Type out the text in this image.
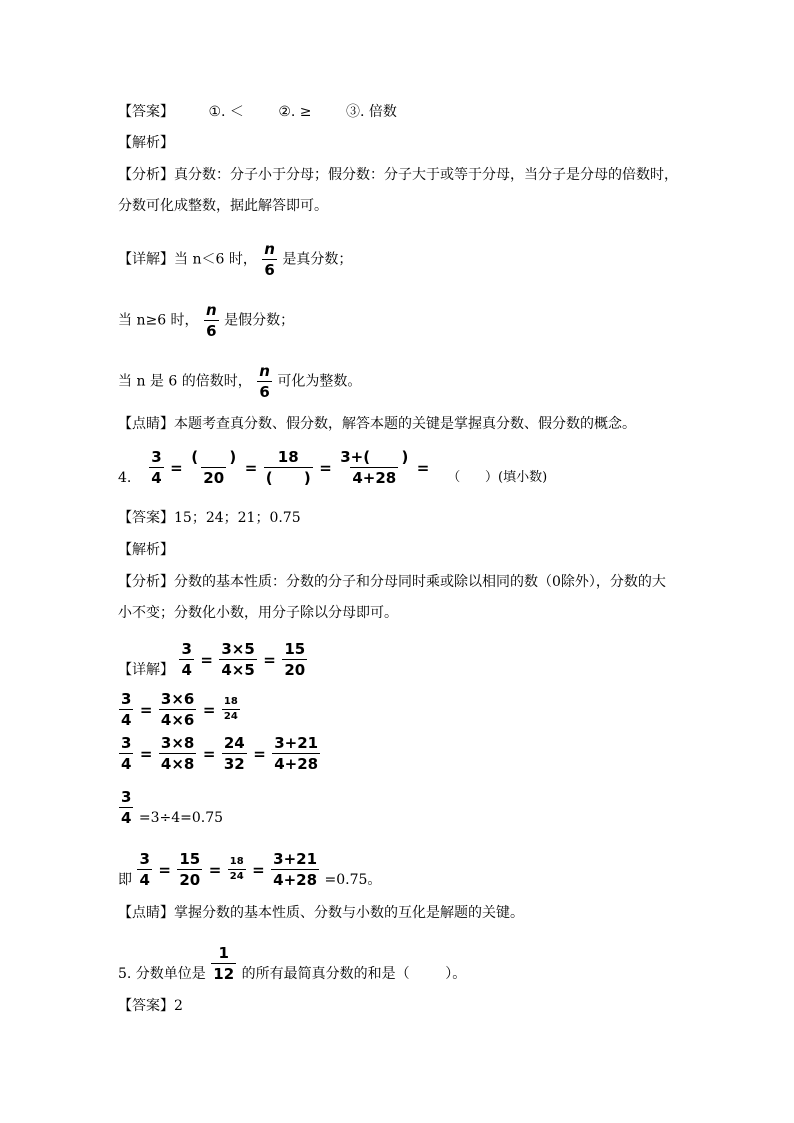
【答案】 ①. ＜ ②. ≥ ③. 倍数
【解析】
【分析】真分数：分子小于分母；假分数：分子大于或等于分母，当分子是分母的倍数时，
分数可化成整数，据此解答即可。
【详解】当 n＜6 时， $\frac{n}{6}$ 是真分数；
当 n≥6 时， $\frac{n}{6}$ 是假分数；
当 n 是 6 的倍数时， $\frac{n}{6}$ 可化为整数。
【点睛】本题考查真分数、假分数，解答本题的关键是掌握真分数、假分数的概念。
4. $\frac{3}{4} = \frac{( )}{20} = \frac{18}{( )} = \frac{3+( )}{4+28}$ =  （      ）(填小数)
【答案】15；24；21；0.75
【解析】
【分析】分数的基本性质：分数的分子和分母同时乘或除以相同的数（0除外），分数的大
小不变；分数化小数，用分子除以分母即可。
【详解】 $\frac{3}{4} = \frac{3\times 5}{4\times 5} = \frac{15}{20}$
$\frac{3}{4} = \frac{3\times 6}{4\times 6} = \frac{18}{24}$
$\frac{3}{4} = \frac{3\times 8}{4\times 8} = \frac{24}{32} = \frac{3+21}{4+28}$
$\frac{3}{4} =3\div 4=0.75$
即 $\frac{3}{4} = \frac{15}{20} = \frac{18}{24} = \frac{3+21}{4+28} =0.75$。
【点睛】掌握分数的基本性质、分数与小数的互化是解题的关键。
5. 分数单位是 $\frac{1}{12}$ 的所有最简真分数的和是（        ）。
【答案】2
